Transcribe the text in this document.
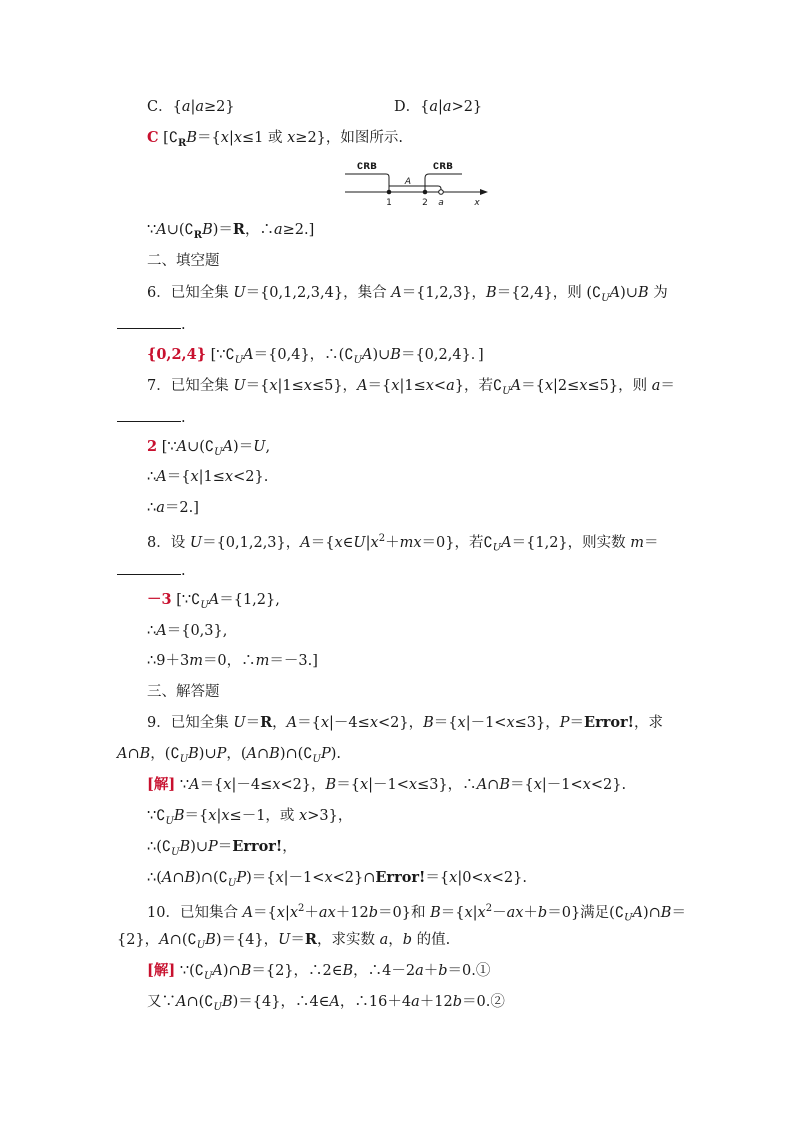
C．{a|a≥2}	D．{a|a>2}
C [$∁_RB=\{x|x\le 1$ 或 x≥2}，如图所示.
$\because A\cup(∁_RB)=R$，∴a≥2.]
二、填空题
6．已知全集 U＝{0,1,2,3,4}，集合 A＝{1,2,3}，B＝{2,4}，则 $(∁_UA)\cup B$ 为
.
{0,2,4} [$\because∁_UA=\{0,4\}$，$\therefore(∁_UA)\cup B=\{0,2,4\}$．]
7．已知全集 U＝{x|1≤x≤5}，A＝{x|1≤x<a}，若$∁_UA=\{x|2\le x\le 5\}$，则 a＝
.
2 [$\because A\cup(∁_UA)=U$,
∴A＝{x|1≤x<2}.
∴a＝2.]
8．设 U＝{0,1,2,3}，$A=\{x\in U|x^2+mx=0\}$，若$∁_UA=\{1,2\}$，则实数 m＝
.
－3 [$\because∁_UA=\{1,2\}$,
∴A＝{0,3},
∴9＋3m＝0，∴m＝－3.]
三、解答题
9．已知全集 U＝R，A＝{x|－4≤x<2}，B＝{x|－1<x≤3}，P＝Error!，求
A∩B，$(∁_UB)\cup P$，$(A\cap B)\cap(∁_UP)$.
[解] ∵A＝{x|－4≤x<2}，B＝{x|－1<x≤3}，∴A∩B＝{x|－1<x<2}.
$\because∁_UB=\{x|x\le-1$，或 x>3}，
$\therefore(∁_UB)\cup P=Error$!，
$\therefore(A\cap B)\cap(∁_UP)=\{x|-1<x<2\}\cap Error!=\{x|0<x<2\}$.
10．已知集合 $A=\{x|x^2+ax+12b=0\}$和 $B=\{x|x^2-ax+b=0\}$满足$(∁_UA)\cap B=$
{2}，$A\cap(∁_UB)=\{4\}$，U＝R，求实数 a，b 的值.
[解] $\because(∁_UA)\cap B=\{2\}$，∴2∈B，∴4－2a＋b＝0.①
又$\because A\cap(∁_UB)=\{4\}$，∴4∈A，∴16＋4a＋12b＝0.②
∁RB	∁RB
A
1	2 a	x
